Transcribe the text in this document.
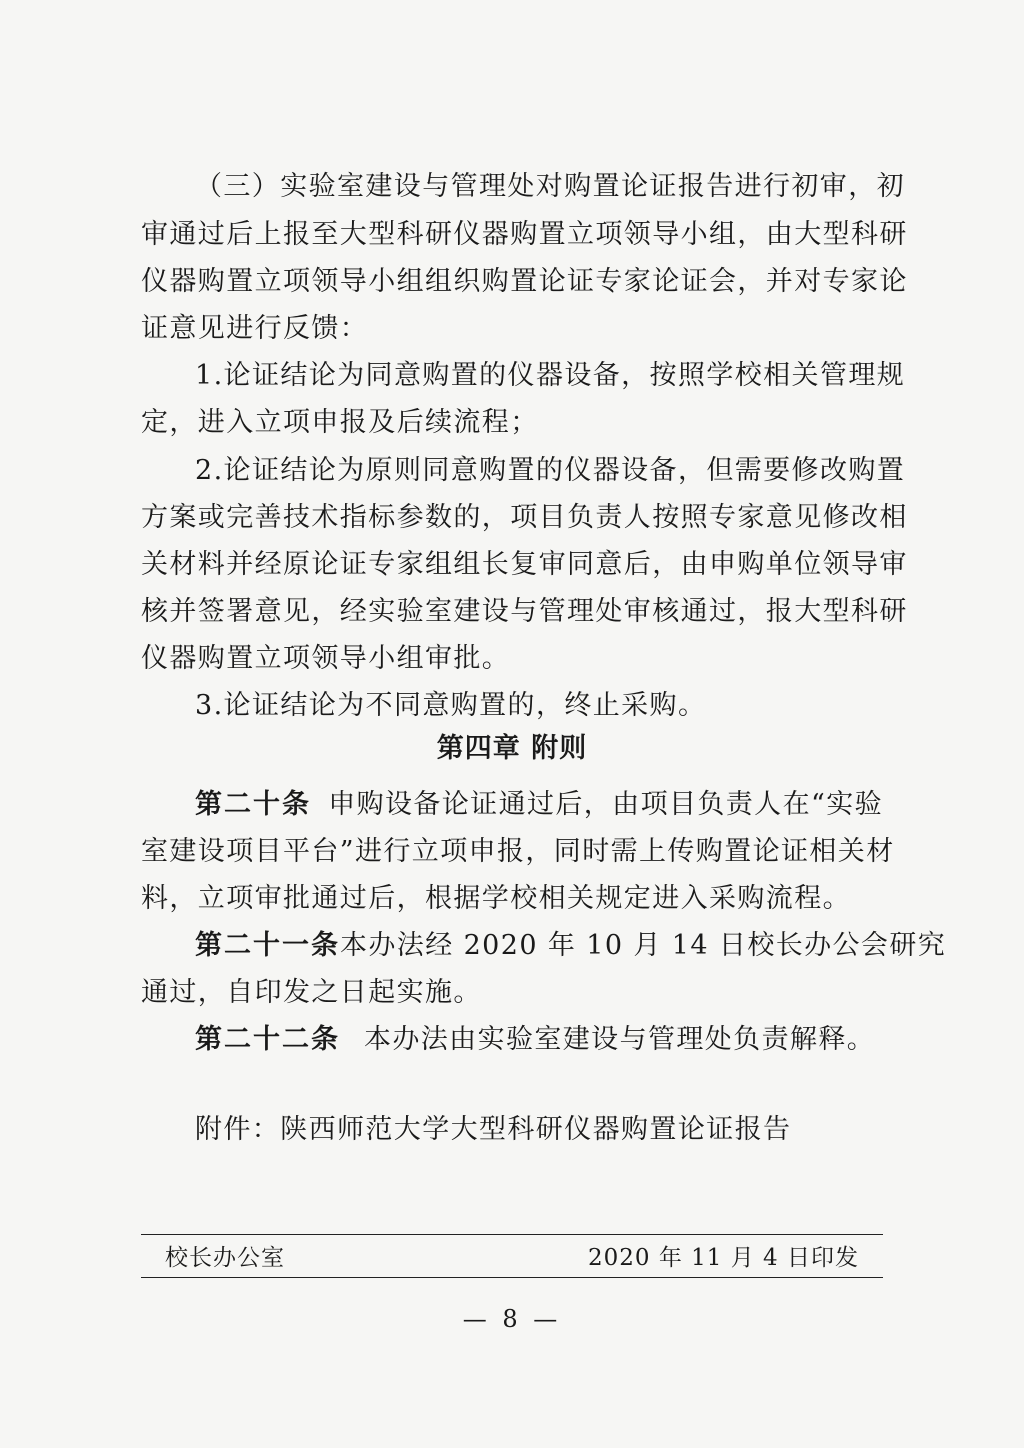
（三）实验室建设与管理处对购置论证报告进行初审，初
审通过后上报至大型科研仪器购置立项领导小组，由大型科研
仪器购置立项领导小组组织购置论证专家论证会，并对专家论
证意见进行反馈：
1.论证结论为同意购置的仪器设备，按照学校相关管理规
定，进入立项申报及后续流程；
2.论证结论为原则同意购置的仪器设备，但需要修改购置
方案或完善技术指标参数的，项目负责人按照专家意见修改相
关材料并经原论证专家组组长复审同意后，由申购单位领导审
核并签署意见，经实验室建设与管理处审核通过，报大型科研
仪器购置立项领导小组审批。
3.论证结论为不同意购置的，终止采购。
第四章 附则
第二十条 申购设备论证通过后，由项目负责人在“实验
室建设项目平台”进行立项申报，同时需上传购置论证相关材
料，立项审批通过后，根据学校相关规定进入采购流程。
第二十一条 本办法经 2020 年 10 月 14 日校长办公会研究
通过，自印发之日起实施。
第二十二条 本办法由实验室建设与管理处负责解释。
附件：陕西师范大学大型科研仪器购置论证报告
校长办公室	2020 年 11 月 4 日印发
— 8 —
